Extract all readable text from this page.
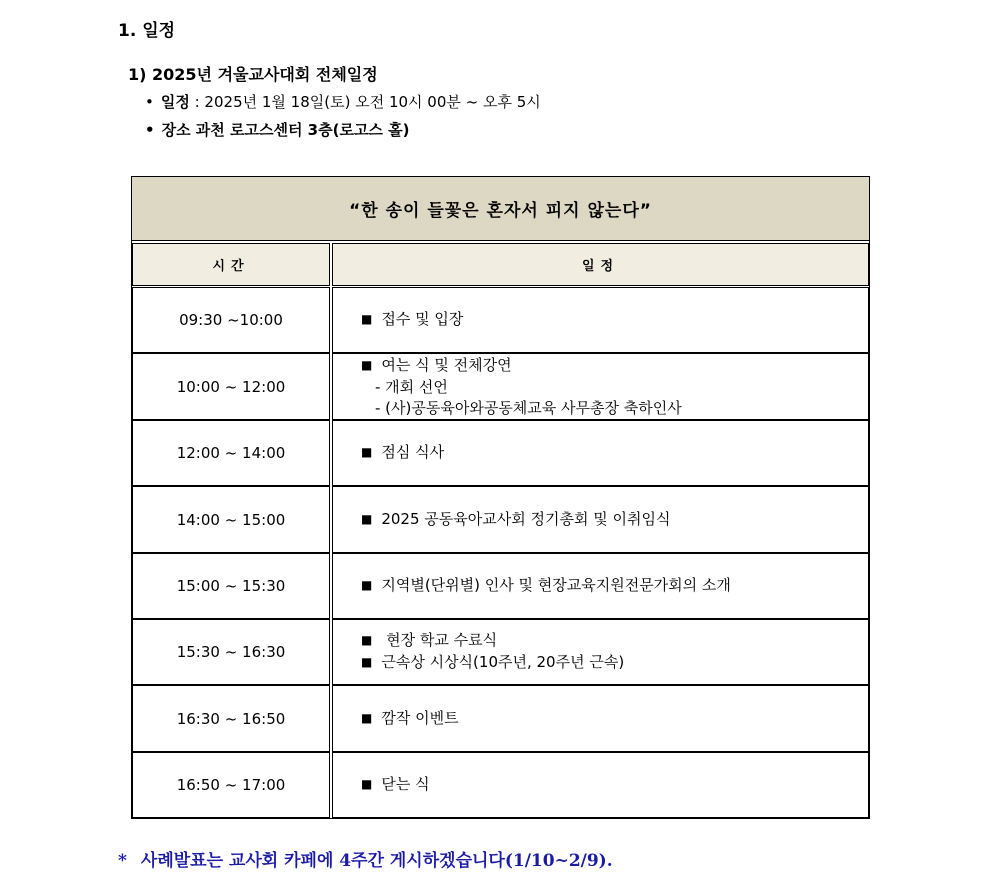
1. 일정
1) 2025년 겨울교사대회 전체일정
• 일정 : 2025년 1월 18일(토) 오전 10시 00분 ~ 오후 5시
• 장소 과천 로고스센터 3층(로고스 홀)
“한 송이 들꽃은 혼자서 피지 않는다”
시간	일정
09:30 ~10:00	■ 접수 및 입장
10:00 ~ 12:00
■ 여는 식 및 전체강연
- 개회 선언
- (사)공동육아와공동체교육 사무총장 축하인사
12:00 ~ 14:00	■ 점심 식사
14:00 ~ 15:00	■ 2025 공동육아교사회 정기총회 및 이취임식
15:00 ~ 15:30	■ 지역별(단위별) 인사 및 현장교육지원전문가회의 소개
15:30 ~ 16:30
■ 현장 학교 수료식
■ 근속상 시상식(10주년, 20주년 근속)
16:30 ~ 16:50	■ 깜작 이벤트
16:50 ~ 17:00	■ 닫는 식
* 사례발표는 교사회 카페에 4주간 게시하겠습니다(1/10~2/9).
